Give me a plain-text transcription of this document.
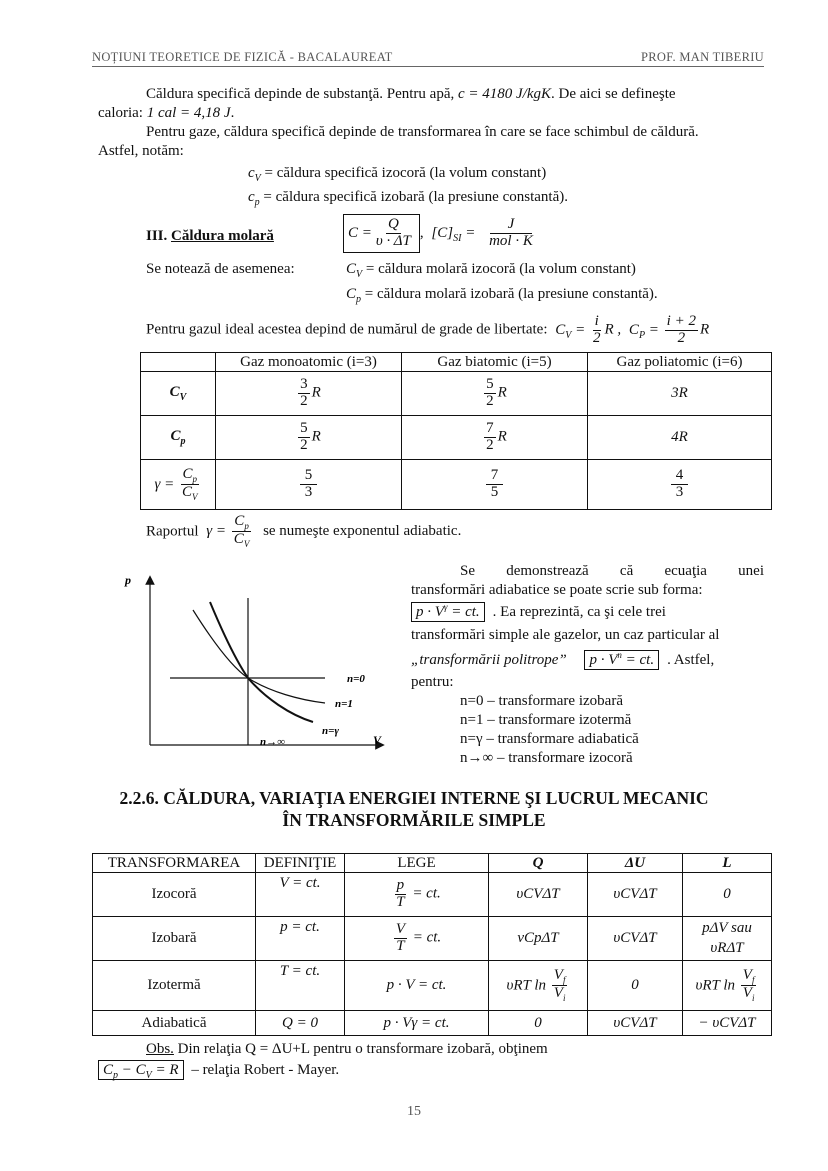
NOȚIUNI TEORETICE DE FIZICĂ - BACALAUREAT	PROF. MAN TIBERIU
Căldura specifică depinde de substanţă. Pentru apă, c = 4180 J/kgK. De aici se defineşte
caloria: 1 cal = 4,18 J.
Pentru gaze, căldura specifică depinde de transformarea în care se face schimbul de căldură.
Astfel, notăm:
$c_V$ = căldura specifică izocoră (la volum constant)
$c_p$ = căldura specifică izobară (la presiune constantă).
III. Căldura molară	$C = \frac{Q}{\upsilon \cdot \Delta T}$ , $[C]_{SI} = \frac{J}{\text{mol · K}}$
Se notează de asemenea:	$C_V$ = căldura molară izocoră (la volum constant)
$C_p$ = căldura molară izobară (la presiune constantă).
Pentru gazul ideal acestea depind de numărul de grade de libertate: $C_V = \frac{i}{2}$ R , $C_P = \frac{i + 2}{2}$ R
	Gaz monoatomic (i=3)	Gaz biatomic (i=5)	Gaz poliatomic (i=6)
$C_V$	$\frac{3}{2}$ R	$\frac{5}{2}$ R	3R
$C_p$	$\frac{5}{2}$ R	$\frac{7}{2}$ R	4R
$\gamma = \frac{C_p}{C_V}$	$\frac{5}{3}$	$\frac{7}{5}$	$\frac{4}{3}$
Raportul $\gamma = \frac{C_p}{C_V}$ se numeşte exponentul adiabatic.
p
V
n=0
n=1
n=γ
n→∞
Se demonstrează că ecuaţia unei
transformări adiabatice se poate scrie sub forma:
$p \cdot V^\gamma$ = ct. . Ea reprezintă, ca şi cele trei
transformări simple ale gazelor, un caz particular al
„transformării politrope” $p \cdot V^n$ = ct. . Astfel,
pentru:
n=0 – transformare izobară
n=1 – transformare izotermă
n=γ – transformare adiabatică
n→∞ – transformare izocoră
2.2.6. CĂLDURA, VARIAŢIA ENERGIEI INTERNE ŞI LUCRUL MECANIC
ÎN TRANSFORMĂRILE SIMPLE
TRANSFORMAREA	DEFINIŢIE	LEGE	Q	ΔU	L
Izocoră	V = ct.	$\frac{p}{T}$ = ct.	υCVΔT	υCVΔT	0
Izobară	p = ct.	$\frac{V}{T}$ = ct.	νCpΔT	υCVΔT	pΔV sau
υRΔT
Izotermă	T = ct.	p · V = ct.	υRT $\ln \frac{V_f}{V_i}$	0	υRT $\ln \frac{V_f}{V_i}$

Adiabatică	Q = 0	p · Vγ = ct.	0	υCVΔT	− υCVΔT
Obs. Din relaţia Q = ΔU+L pentru o transformare izobară, obţinem
$C_p - C_V = R$ – relaţia Robert - Mayer.
15
